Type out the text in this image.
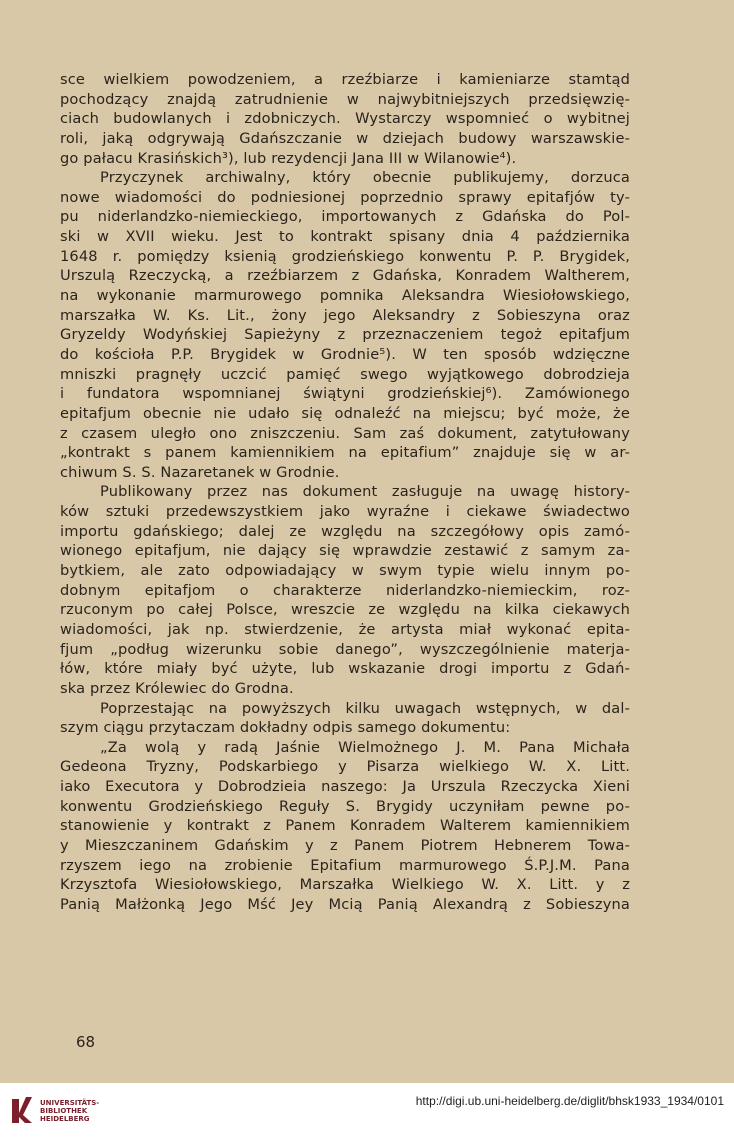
sce wielkiem powodzeniem, a rzeźbiarze i kamieniarze stamtąd
pochodzący znajdą zatrudnienie w najwybitniejszych przedsięwzię-
ciach budowlanych i zdobniczych. Wystarczy wspomnieć o wybitnej
roli, jaką odgrywają Gdańszczanie w dziejach budowy warszawskie-
go pałacu Krasińskich³), lub rezydencji Jana III w Wilanowie⁴).
Przyczynek archiwalny, który obecnie publikujemy, dorzuca
nowe wiadomości do podniesionej poprzednio sprawy epitafjów ty-
pu niderlandzko-niemieckiego, importowanych z Gdańska do Pol-
ski w XVII wieku. Jest to kontrakt spisany dnia 4 października
1648 r. pomiędzy ksienią grodzieńskiego konwentu P. P. Brygidek,
Urszulą Rzeczycką, a rzeźbiarzem z Gdańska, Konradem Waltherem,
na wykonanie marmurowego pomnika Aleksandra Wiesiołowskiego,
marszałka W. Ks. Lit., żony jego Aleksandry z Sobieszyna oraz
Gryzeldy Wodyńskiej Sapieżyny z przeznaczeniem tegoż epitafjum
do kościoła P.P. Brygidek w Grodnie⁵). W ten sposób wdzięczne
mniszki pragnęły uczcić pamięć swego wyjątkowego dobrodzieja
i fundatora wspomnianej świątyni grodzieńskiej⁶). Zamówionego
epitafjum obecnie nie udało się odnaleźć na miejscu; być może, że
z czasem uległo ono zniszczeniu. Sam zaś dokument, zatytułowany
„kontrakt s panem kamiennikiem na epitafium” znajduje się w ar-
chiwum S. S. Nazaretanek w Grodnie.
Publikowany przez nas dokument zasługuje na uwagę history-
ków sztuki przedewszystkiem jako wyraźne i ciekawe świadectwo
importu gdańskiego; dalej ze względu na szczegółowy opis zamó-
wionego epitafjum, nie dający się wprawdzie zestawić z samym za-
bytkiem, ale zato odpowiadający w swym typie wielu innym po-
dobnym epitafjom o charakterze niderlandzko-niemieckim, roz-
rzuconym po całej Polsce, wreszcie ze względu na kilka ciekawych
wiadomości, jak np. stwierdzenie, że artysta miał wykonać epita-
fjum „podług wizerunku sobie danego”, wyszczególnienie materja-
łów, które miały być użyte, lub wskazanie drogi importu z Gdań-
ska przez Królewiec do Grodna.
Poprzestając na powyższych kilku uwagach wstępnych, w dal-
szym ciągu przytaczam dokładny odpis samego dokumentu:
„Za wolą y radą Jaśnie Wielmożnego J. M. Pana Michała
Gedeona Tryzny, Podskarbiego y Pisarza wielkiego W. X. Litt.
iako Executora y Dobrodzieia naszego: Ja Urszula Rzeczycka Xieni
konwentu Grodzieńskiego Reguły S. Brygidy uczyniłam pewne po-
stanowienie y kontrakt z Panem Konradem Walterem kamiennikiem
y Mieszczaninem Gdańskim y z Panem Piotrem Hebnerem Towa-
rzyszem iego na zrobienie Epitafium marmurowego Ś.P.J.M. Pana
Krzysztofa Wiesiołowskiego, Marszałka Wielkiego W. X. Litt. y z
Panią Małżonką Jego Mść Jey Mcią Panią Alexandrą z Sobieszyna
68
UNIVERSITÄTS-
BIBLIOTHEK
HEIDELBERG
http://digi.ub.uni-heidelberg.de/diglit/bhsk1933_1934/0101
